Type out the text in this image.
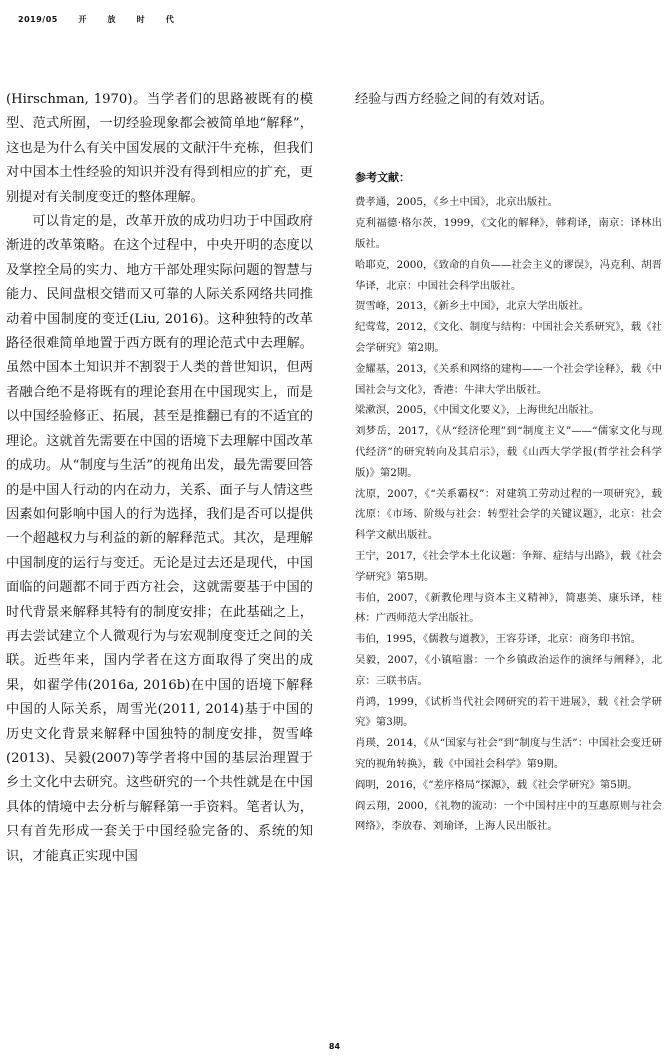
2019/05	开	放	时	代

(Hirschman, 1970)。当学者们的思路被既有的模型、范式所囿，一切经验现象都会被简单地“解释”，这也是为什么有关中国发展的文献汗牛充栋，但我们对中国本土性经验的知识并没有得到相应的扩充，更别提对有关制度变迁的整体理解。

可以肯定的是，改革开放的成功归功于中国政府渐进的改革策略。在这个过程中，中央开明的态度以及掌控全局的实力、地方干部处理实际问题的智慧与能力、民间盘根交错而又可靠的人际关系网络共同推动着中国制度的变迁(Liu, 2016)。这种独特的改革路径很难简单地置于西方既有的理论范式中去理解。虽然中国本土知识并不割裂于人类的普世知识，但两者融合绝不是将既有的理论套用在中国现实上，而是以中国经验修正、拓展，甚至是推翻已有的不适宜的理论。这就首先需要在中国的语境下去理解中国改革的成功。从“制度与生活”的视角出发，最先需要回答的是中国人行动的内在动力，关系、面子与人情这些因素如何影响中国人的行为选择，我们是否可以提供一个超越权力与利益的新的解释范式。其次，是理解中国制度的运行与变迁。无论是过去还是现代，中国面临的问题都不同于西方社会，这就需要基于中国的时代背景来解释其特有的制度安排；在此基础之上，再去尝试建立个人微观行为与宏观制度变迁之间的关联。近些年来，国内学者在这方面取得了突出的成果，如翟学伟(2016a, 2016b)在中国的语境下解释中国的人际关系，周雪光(2011, 2014)基于中国的历史文化背景来解释中国独特的制度安排，贺雪峰(2013)、吴毅(2007)等学者将中国的基层治理置于乡土文化中去研究。这些研究的一个共性就是在中国具体的情境中去分析与解释第一手资料。笔者认为，只有首先形成一套关于中国经验完备的、系统的知识，才能真正实现中国

经验与西方经验之间的有效对话。

参考文献：
费孝通，2005，《乡土中国》，北京出版社。
克利福德·格尔茨，1999，《文化的解释》，韩莉译，南京：译林出版社。
哈耶克，2000，《致命的自负——社会主义的谬误》，冯克利、胡晋华译，北京：中国社会科学出版社。
贺雪峰，2013，《新乡土中国》，北京大学出版社。
纪莺莺，2012，《文化、制度与结构：中国社会关系研究》，载《社会学研究》第2期。
金耀基，2013，《关系和网络的建构——一个社会学诠释》，载《中国社会与文化》，香港：牛津大学出版社。
梁漱溟，2005，《中国文化要义》，上海世纪出版社。
刘梦岳，2017，《从“经济伦理”到“制度主义”——“儒家文化与现代经济”的研究转向及其启示》，载《山西大学学报(哲学社会科学版)》第2期。
沈原，2007，《“关系霸权”：对建筑工劳动过程的一项研究》，载沈原：《市场、阶级与社会：转型社会学的关键议题》，北京：社会科学文献出版社。
王宁，2017，《社会学本土化议题：争辩、症结与出路》，载《社会学研究》第5期。
韦伯，2007，《新教伦理与资本主义精神》，简惠美、康乐译，桂林：广西师范大学出版社。
韦伯，1995，《儒教与道教》，王容芬译，北京：商务印书馆。
吴毅，2007，《小镇喧嚣：一个乡镇政治运作的演绎与阐释》，北京：三联书店。
肖鸿，1999，《试析当代社会网研究的若干进展》，载《社会学研究》第3期。
肖瑛，2014，《从“国家与社会”到“制度与生活”：中国社会变迁研究的视角转换》，载《中国社会科学》第9期。
阎明，2016，《“差序格局”探源》，载《社会学研究》第5期。
阎云翔，2000，《礼物的流动：一个中国村庄中的互惠原则与社会网络》，李放春、刘瑜译，上海人民出版社。
84
